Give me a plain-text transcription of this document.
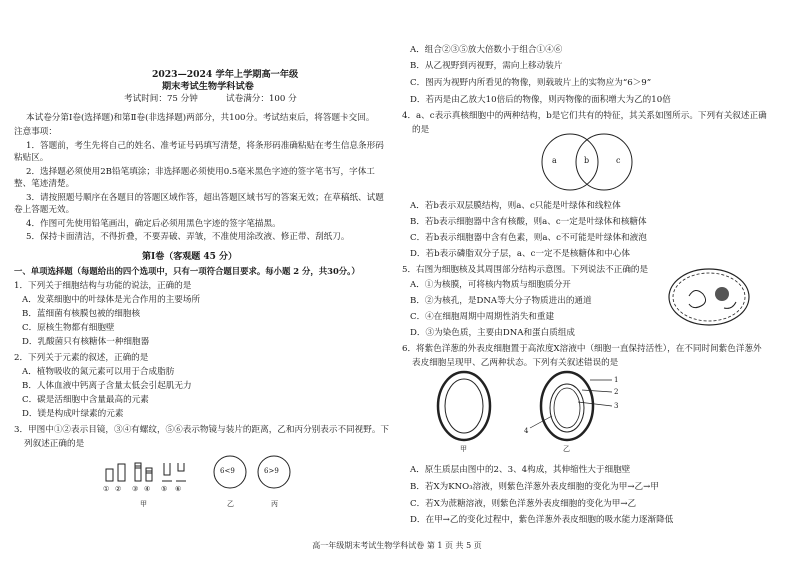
2023—2024 学年上学期高一年级
期末考试生物学科试卷
考试时间：75 分钟	试卷满分：100 分
本试卷分第Ⅰ卷(选择题)和第Ⅱ卷(非选择题)两部分，共100分。考试结束后，将答题卡交回。
注意事项：

1．答题前，考生先将自己的姓名、准考证号码填写清楚，将条形码准确粘贴在考生信息条形码粘贴区。

2．选择题必须使用2B铅笔填涂；非选择题必须使用0.5毫米黑色字迹的签字笔书写，字体工整、笔迹清楚。

3．请按照题号顺序在各题目的答题区域作答，超出答题区域书写的答案无效；在草稿纸、试题卷上答题无效。

4．作图可先使用铅笔画出，确定后必须用黑色字迹的签字笔描黑。

5．保持卡面清洁，不得折叠，不要弄破、弄皱，不准使用涂改液、修正带、刮纸刀。

第Ⅰ卷（客观题 45 分）
一、单项选择题（每题给出的四个选项中，只有一项符合题目要求。每小题 2 分，共30分。）
1．下列关于细胞结构与功能的说法，正确的是
A．发菜细胞中的叶绿体是光合作用的主要场所
B．蓝细菌有核膜包被的细胞核
C．原核生物都有细胞壁
D．乳酸菌只有核糖体一种细胞器
2．下列关于元素的叙述，正确的是
A．植物吸收的氮元素可以用于合成脂肪
B．人体血液中钙离子含量太低会引起肌无力
C．碳是活细胞中含量最高的元素
D．镁是构成叶绿素的元素
3．甲图中①②表示目镜，③④有螺纹，⑤⑥表示物镜与装片的距离，乙和丙分别表示不同视野。下
列叙述正确的是
① ② ③ ④ ⑤ ⑥
甲
6<9	6>9
乙	丙
A．组合②③⑤放大倍数小于组合①④⑥
B．从乙视野到丙视野，需向上移动装片
C．图丙为视野内所看见的物像，则载玻片上的实物应为“6＞9”
D．若丙是由乙放大10倍后的物像，则丙物像的面积增大为乙的10倍
4．a、c表示真核细胞中的两种结构，b是它们共有的特征，其关系如图所示。下列有关叙述正确
的是
a	b	c
A．若b表示双层膜结构，则a、c只能是叶绿体和线粒体
B．若b表示细胞器中含有核酸，则a、c一定是叶绿体和核糖体
C．若b表示细胞器中含有色素，则a、c不可能是叶绿体和液泡
D．若b表示磷脂双分子层，a、c一定不是核糖体和中心体
5．右图为细胞核及其周围部分结构示意图。下列说法不正确的是
A．①为核膜，可将核内物质与细胞质分开
B．②为核孔，是DNA等大分子物质进出的通道
C．④在细胞周期中周期性消失和重建
D．③为染色质，主要由DNA和蛋白质组成
6．将紫色洋葱的外表皮细胞置于高浓度X溶液中（细胞一直保持活性），在不同时间紫色洋葱外
表皮细胞呈现甲、乙两种状态。下列有关叙述错误的是
1
2
3
4
甲	乙
A．原生质层由图中的2、3、4构成，其伸缩性大于细胞壁
B．若X为KNO₃溶液，则紫色洋葱外表皮细胞的变化为甲→乙→甲
C．若X为蔗糖溶液，则紫色洋葱外表皮细胞的变化为甲→乙
D．在甲→乙的变化过程中，紫色洋葱外表皮细胞的吸水能力逐渐降低
高一年级期末考试生物学科试卷 第 1 页 共 5 页
